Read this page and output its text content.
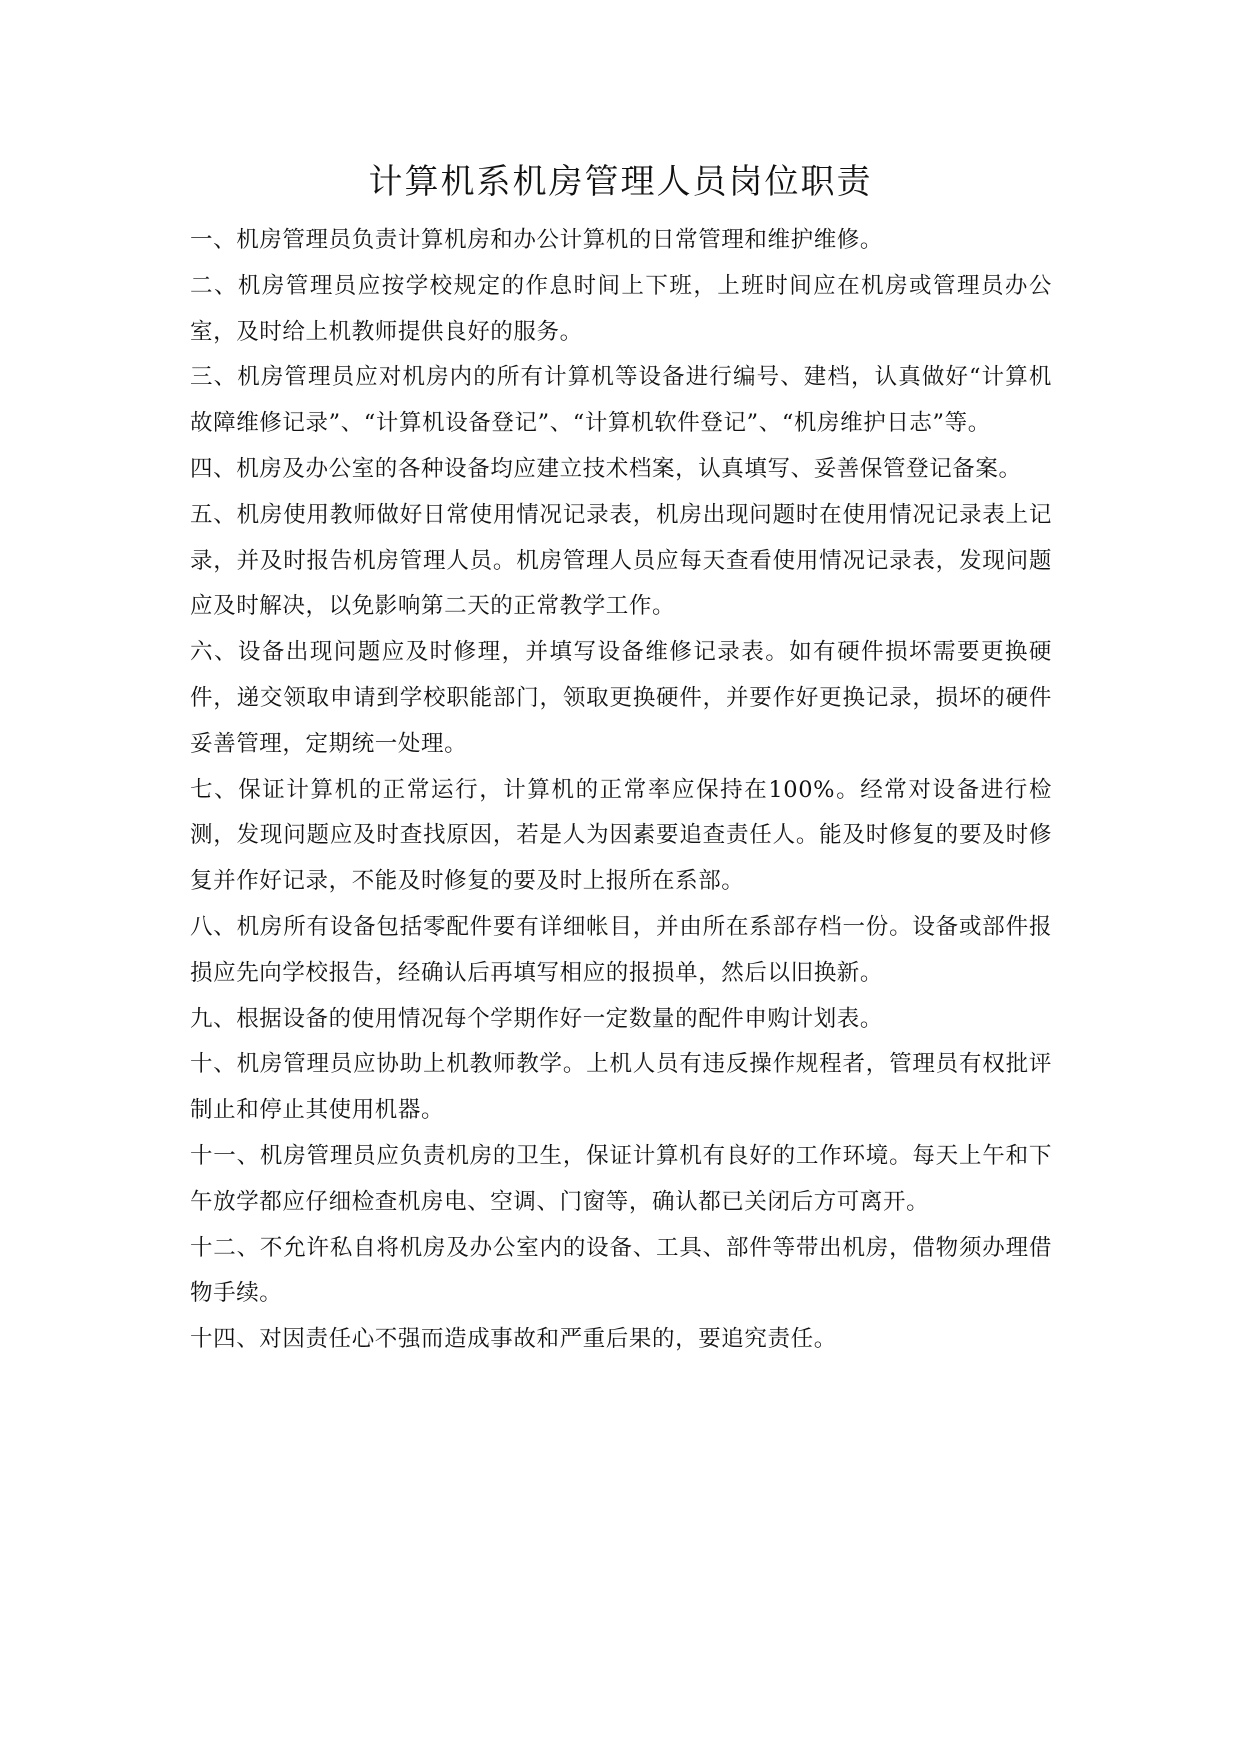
计算机系机房管理人员岗位职责

一、机房管理员负责计算机房和办公计算机的日常管理和维护维修。

二、机房管理员应按学校规定的作息时间上下班，上班时间应在机房或管理员办公室，及时给上机教师提供良好的服务。

三、机房管理员应对机房内的所有计算机等设备进行编号、建档，认真做好“计算机故障维修记录”、“计算机设备登记”、“计算机软件登记”、“机房维护日志”等。

四、机房及办公室的各种设备均应建立技术档案，认真填写、妥善保管登记备案。

五、机房使用教师做好日常使用情况记录表，机房出现问题时在使用情况记录表上记录，并及时报告机房管理人员。机房管理人员应每天查看使用情况记录表，发现问题应及时解决，以免影响第二天的正常教学工作。

六、设备出现问题应及时修理，并填写设备维修记录表。如有硬件损坏需要更换硬件，递交领取申请到学校职能部门，领取更换硬件，并要作好更换记录，损坏的硬件妥善管理，定期统一处理。

七、保证计算机的正常运行，计算机的正常率应保持在100%。经常对设备进行检测，发现问题应及时查找原因，若是人为因素要追查责任人。能及时修复的要及时修复并作好记录，不能及时修复的要及时上报所在系部。

八、机房所有设备包括零配件要有详细帐目，并由所在系部存档一份。设备或部件报损应先向学校报告，经确认后再填写相应的报损单，然后以旧换新。

九、根据设备的使用情况每个学期作好一定数量的配件申购计划表。

十、机房管理员应协助上机教师教学。上机人员有违反操作规程者，管理员有权批评制止和停止其使用机器。

十一、机房管理员应负责机房的卫生，保证计算机有良好的工作环境。每天上午和下午放学都应仔细检查机房电、空调、门窗等，确认都已关闭后方可离开。

十二、不允许私自将机房及办公室内的设备、工具、部件等带出机房，借物须办理借物手续。

十四、对因责任心不强而造成事故和严重后果的，要追究责任。
